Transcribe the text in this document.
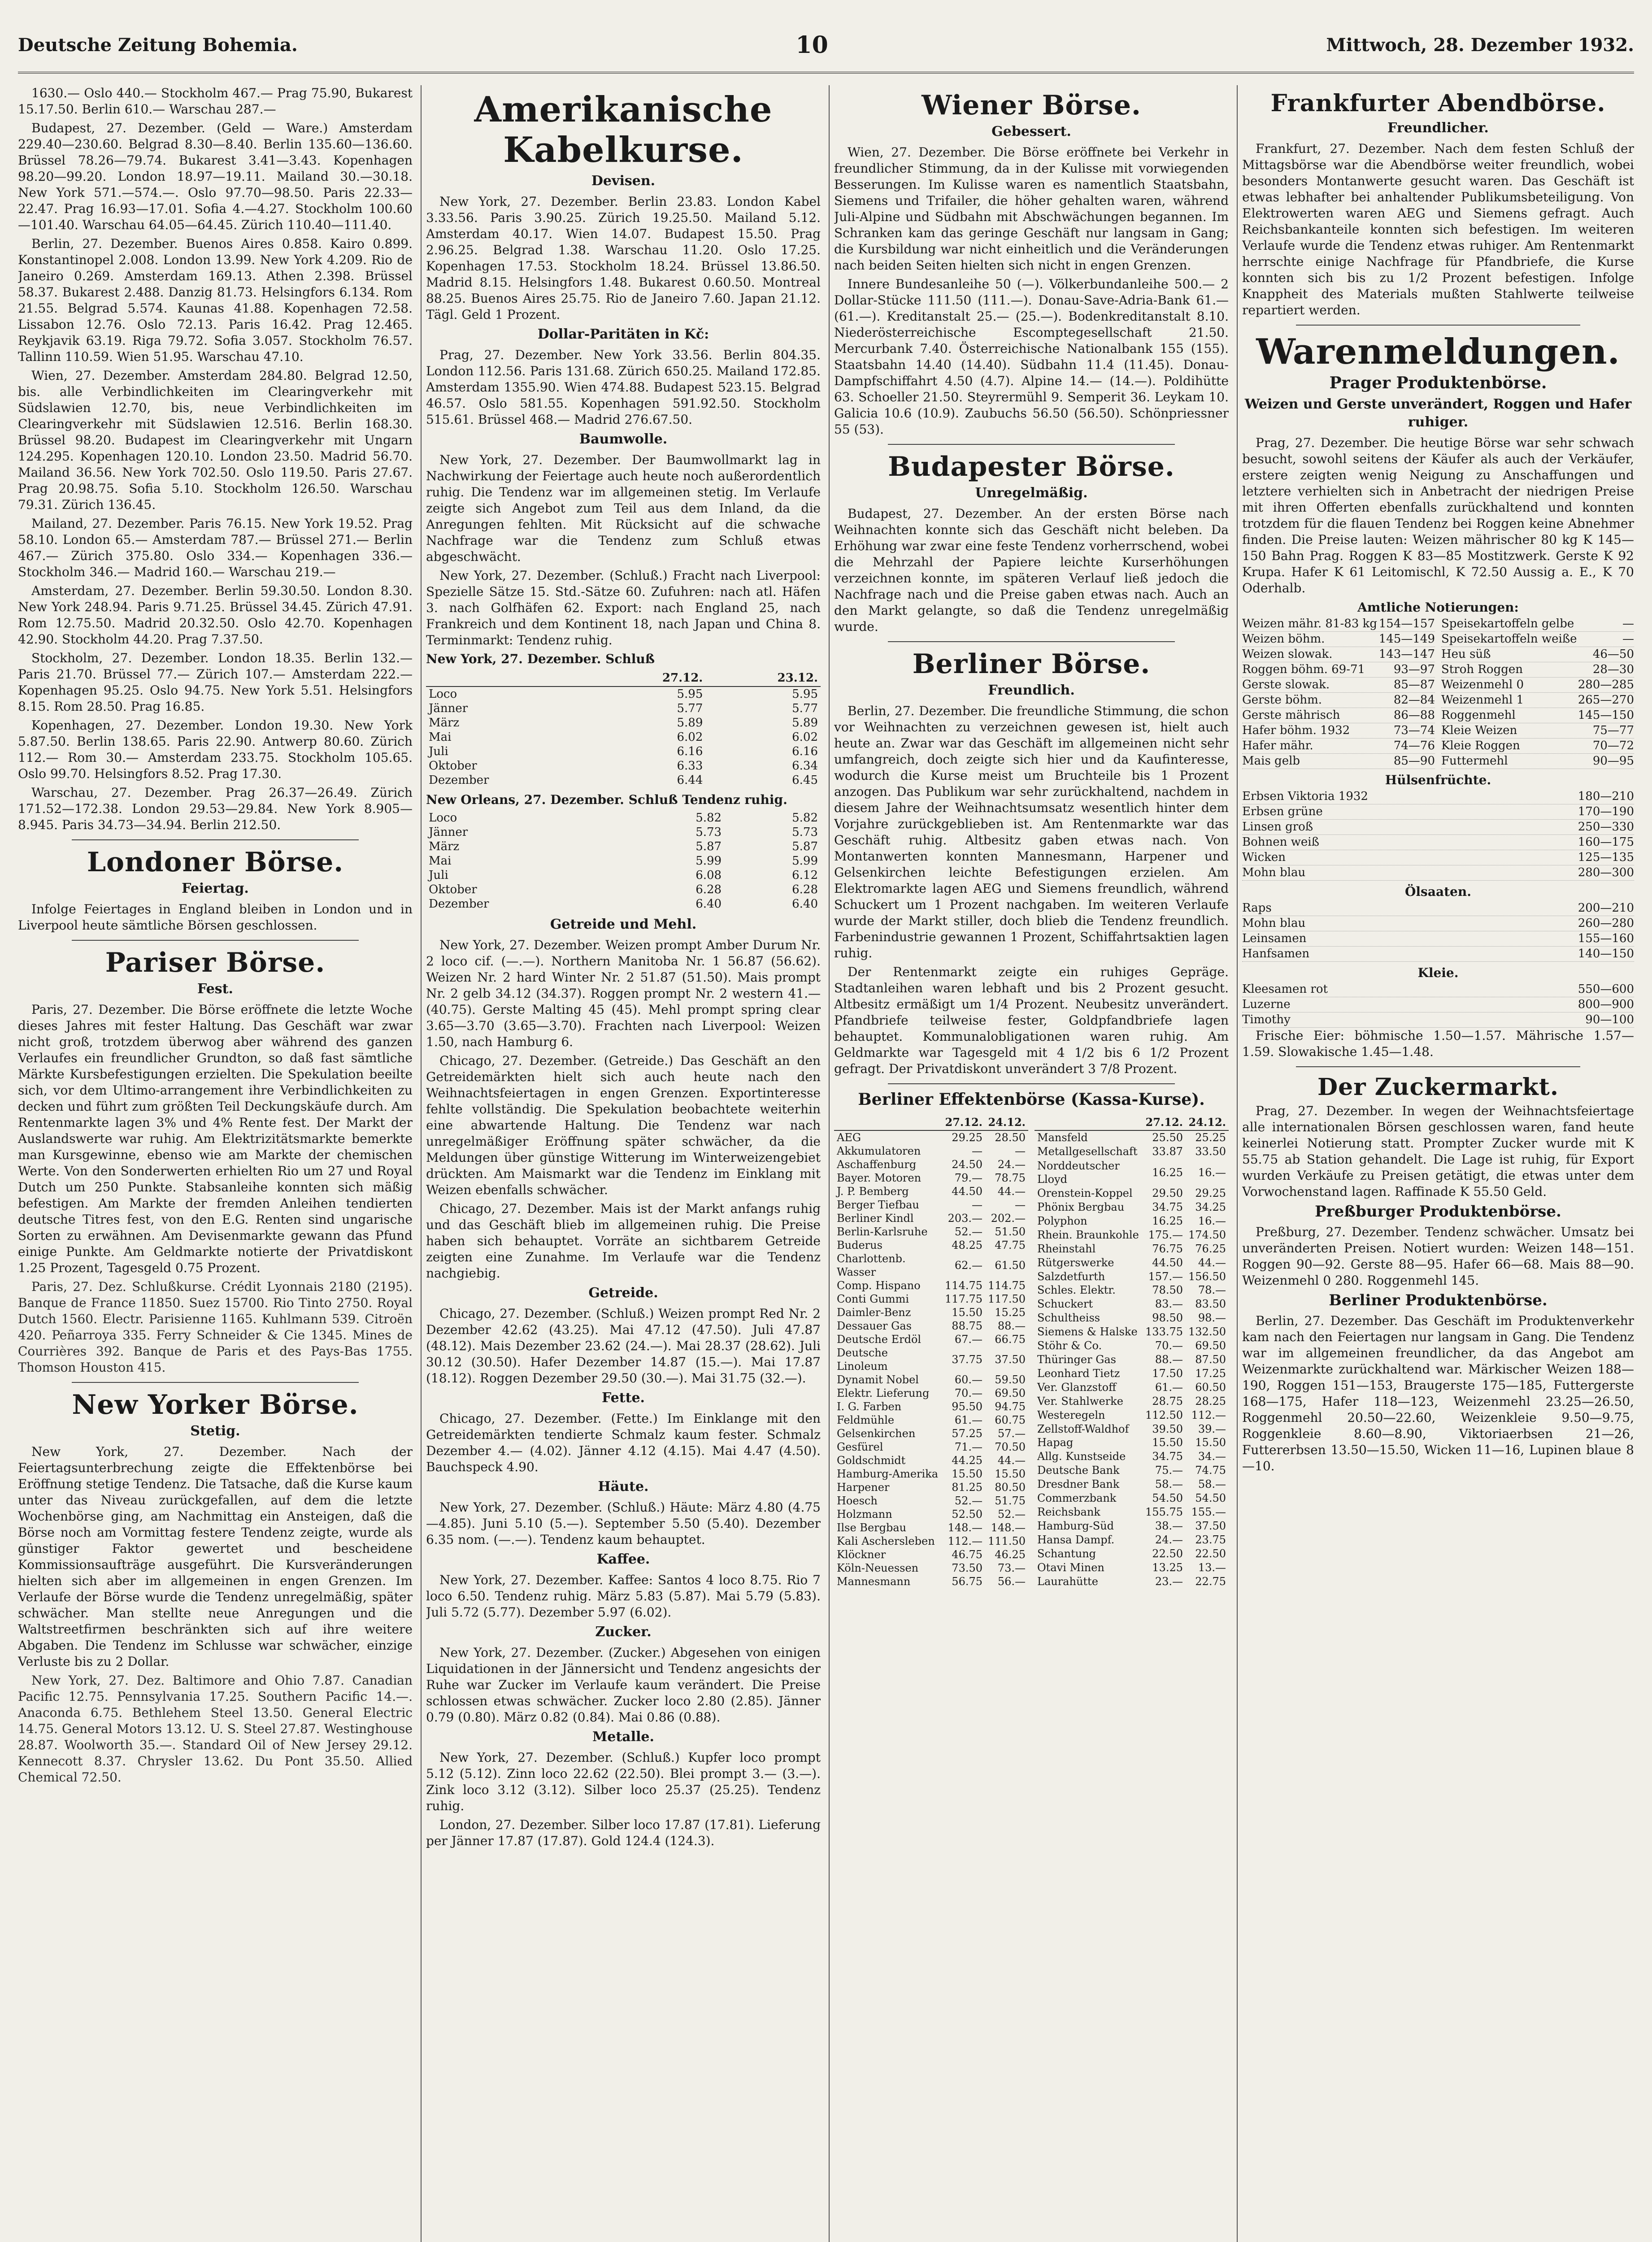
Deutsche Zeitung Bohemia.	10	Mittwoch, 28. Dezember 1932.

1630.— Oslo 440.— Stockholm 467.— Prag 75.90, Bukarest 15.17.50. Berlin 610.— Warschau 287.—

Budapest, 27. Dezember. (Geld — Ware.) Amsterdam 229.40—230.60. Belgrad 8.30—8.40. Berlin 135.60—136.60. Brüssel 78.26—79.74. Bukarest 3.41—3.43. Kopenhagen 98.20—99.20. London 18.97—19.11. Mailand 30.—30.18. New York 571.—574.—. Oslo 97.70—98.50. Paris 22.33—22.47. Prag 16.93—17.01. Sofia 4.—4.27. Stockholm 100.60—101.40. Warschau 64.05—64.45. Zürich 110.40—111.40.

Berlin, 27. Dezember. Buenos Aires 0.858. Kairo 0.899. Konstantinopel 2.008. London 13.99. New York 4.209. Rio de Janeiro 0.269. Amsterdam 169.13. Athen 2.398. Brüssel 58.37. Bukarest 2.488. Danzig 81.73. Helsingfors 6.134. Rom 21.55. Belgrad 5.574. Kaunas 41.88. Kopenhagen 72.58. Lissabon 12.76. Oslo 72.13. Paris 16.42. Prag 12.465. Reykjavik 63.19. Riga 79.72. Sofia 3.057. Stockholm 76.57. Tallinn 110.59. Wien 51.95. Warschau 47.10.

Wien, 27. Dezember. Amsterdam 284.80. Belgrad 12.50, bis. alle Verbindlichkeiten im Clearingverkehr mit Südslawien 12.70, bis, neue Verbindlichkeiten im Clearingverkehr mit Südslawien 12.516. Berlin 168.30. Brüssel 98.20. Budapest im Clearingverkehr mit Ungarn 124.295. Kopenhagen 120.10. London 23.50. Madrid 56.70. Mailand 36.56. New York 702.50. Oslo 119.50. Paris 27.67. Prag 20.98.75. Sofia 5.10. Stockholm 126.50. Warschau 79.31. Zürich 136.45.

Mailand, 27. Dezember. Paris 76.15. New York 19.52. Prag 58.10. London 65.— Amsterdam 787.— Brüssel 271.— Berlin 467.— Zürich 375.80. Oslo 334.— Kopenhagen 336.— Stockholm 346.— Madrid 160.— Warschau 219.—

Amsterdam, 27. Dezember. Berlin 59.30.50. London 8.30. New York 248.94. Paris 9.71.25. Brüssel 34.45. Zürich 47.91. Rom 12.75.50. Madrid 20.32.50. Oslo 42.70. Kopenhagen 42.90. Stockholm 44.20. Prag 7.37.50.

Stockholm, 27. Dezember. London 18.35. Berlin 132.— Paris 21.70. Brüssel 77.— Zürich 107.— Amsterdam 222.— Kopenhagen 95.25. Oslo 94.75. New York 5.51. Helsingfors 8.15. Rom 28.50. Prag 16.85.

Kopenhagen, 27. Dezember. London 19.30. New York 5.87.50. Berlin 138.65. Paris 22.90. Antwerp 80.60. Zürich 112.— Rom 30.— Amsterdam 233.75. Stockholm 105.65. Oslo 99.70. Helsingfors 8.52. Prag 17.30.

Warschau, 27. Dezember. Prag 26.37—26.49. Zürich 171.52—172.38. London 29.53—29.84. New York 8.905—8.945. Paris 34.73—34.94. Berlin 212.50.

Londoner Börse.
Feiertag.

Infolge Feiertages in England bleiben in London und in Liverpool heute sämtliche Börsen geschlossen.

Pariser Börse.
Fest.

Paris, 27. Dezember. Die Börse eröffnete die letzte Woche dieses Jahres mit fester Haltung. Das Geschäft war zwar nicht groß, trotzdem überwog aber während des ganzen Verlaufes ein freundlicher Grundton, so daß fast sämtliche Märkte Kursbefestigungen erzielten. Die Spekulation beeilte sich, vor dem Ultimo-arrangement ihre Verbindlichkeiten zu decken und führt zum größten Teil Deckungskäufe durch. Am Rentenmarkte lagen 3% und 4% Rente fest. Der Markt der Auslandswerte war ruhig. Am Elektrizitätsmarkte bemerkte man Kursgewinne, ebenso wie am Markte der chemischen Werte. Von den Sonderwerten erhielten Rio um 27 und Royal Dutch um 250 Punkte. Stabsanleihe konnten sich mäßig befestigen. Am Markte der fremden Anleihen tendierten deutsche Titres fest, von den E.G. Renten sind ungarische Sorten zu erwähnen. Am Devisenmarkte gewann das Pfund einige Punkte. Am Geldmarkte notierte der Privatdiskont 1.25 Prozent, Tagesgeld 0.75 Prozent.

Paris, 27. Dez. Schlußkurse. Crédit Lyonnais 2180 (2195). Banque de France 11850. Suez 15700. Rio Tinto 2750. Royal Dutch 1560. Electr. Parisienne 1165. Kuhlmann 539. Citroën 420. Peñarroya 335. Ferry Schneider & Cie 1345. Mines de Courrières 392. Banque de Paris et des Pays-Bas 1755. Thomson Houston 415.

New Yorker Börse.
Stetig.

New York, 27. Dezember. Nach der Feiertagsunterbrechung zeigte die Effektenbörse bei Eröffnung stetige Tendenz. Die Tatsache, daß die Kurse kaum unter das Niveau zurückgefallen, auf dem die letzte Wochenbörse ging, am Nachmittag ein Ansteigen, daß die Börse noch am Vormittag festere Tendenz zeigte, wurde als günstiger Faktor gewertet und bescheidene Kommissionsaufträge ausgeführt. Die Kursveränderungen hielten sich aber im allgemeinen in engen Grenzen. Im Verlaufe der Börse wurde die Tendenz unregelmäßig, später schwächer. Man stellte neue Anregungen und die Waltstreetfirmen beschränkten sich auf ihre weitere Abgaben. Die Tendenz im Schlusse war schwächer, einzige Verluste bis zu 2 Dollar.

New York, 27. Dez. Baltimore and Ohio 7.87. Canadian Pacific 12.75. Pennsylvania 17.25. Southern Pacific 14.—. Anaconda 6.75. Bethlehem Steel 13.50. General Electric 14.75. General Motors 13.12. U. S. Steel 27.87. Westinghouse 28.87. Woolworth 35.—. Standard Oil of New Jersey 29.12. Kennecott 8.37. Chrysler 13.62. Du Pont 35.50. Allied Chemical 72.50.

Amerikanische Kabelkurse.
Devisen.

New York, 27. Dezember. Berlin 23.83. London Kabel 3.33.56. Paris 3.90.25. Zürich 19.25.50. Mailand 5.12. Amsterdam 40.17. Wien 14.07. Budapest 15.50. Prag 2.96.25. Belgrad 1.38. Warschau 11.20. Oslo 17.25. Kopenhagen 17.53. Stockholm 18.24. Brüssel 13.86.50. Madrid 8.15. Helsingfors 1.48. Bukarest 0.60.50. Montreal 88.25. Buenos Aires 25.75. Rio de Janeiro 7.60. Japan 21.12. Tägl. Geld 1 Prozent.

Dollar-Paritäten in Kč:

Prag, 27. Dezember. New York 33.56. Berlin 804.35. London 112.56. Paris 131.68. Zürich 650.25. Mailand 172.85. Amsterdam 1355.90. Wien 474.88. Budapest 523.15. Belgrad 46.57. Oslo 581.55. Kopenhagen 591.92.50. Stockholm 515.61. Brüssel 468.— Madrid 276.67.50.

Baumwolle.

New York, 27. Dezember. Der Baumwollmarkt lag in Nachwirkung der Feiertage auch heute noch außerordentlich ruhig. Die Tendenz war im allgemeinen stetig. Im Verlaufe zeigte sich Angebot zum Teil aus dem Inland, da die Anregungen fehlten. Mit Rücksicht auf die schwache Nachfrage war die Tendenz zum Schluß etwas abgeschwächt.

New York, 27. Dezember. (Schluß.) Fracht nach Liverpool: Spezielle Sätze 15. Std.-Sätze 60. Zufuhren: nach atl. Häfen 3. nach Golfhäfen 62. Export: nach England 25, nach Frankreich und dem Kontinent 18, nach Japan und China 8. Terminmarkt: Tendenz ruhig.

New York, 27. Dezember. Schluß

	27.12.	23.12.
Loco	5.95	5.95
Jänner	5.77	5.77
März	5.89	5.89
Mai	6.02	6.02
Juli	6.16	6.16
Oktober	6.33	6.34
Dezember	6.44	6.45

New Orleans, 27. Dezember. Schluß Tendenz ruhig.

Loco	5.82	5.82
Jänner	5.73	5.73
März	5.87	5.87
Mai	5.99	5.99
Juli	6.08	6.12
Oktober	6.28	6.28
Dezember	6.40	6.40
Getreide und Mehl.

New York, 27. Dezember. Weizen prompt Amber Durum Nr. 2 loco cif. (—.—). Northern Manitoba Nr. 1 56.87 (56.62). Weizen Nr. 2 hard Winter Nr. 2 51.87 (51.50). Mais prompt Nr. 2 gelb 34.12 (34.37). Roggen prompt Nr. 2 western 41.— (40.75). Gerste Malting 45 (45). Mehl prompt spring clear 3.65—3.70 (3.65—3.70). Frachten nach Liverpool: Weizen 1.50, nach Hamburg 6.

Chicago, 27. Dezember. (Getreide.) Das Geschäft an den Getreidemärkten hielt sich auch heute nach den Weihnachtsfeiertagen in engen Grenzen. Exportinteresse fehlte vollständig. Die Spekulation beobachtete weiterhin eine abwartende Haltung. Die Tendenz war nach unregelmäßiger Eröffnung später schwächer, da die Meldungen über günstige Witterung im Winterweizengebiet drückten. Am Maismarkt war die Tendenz im Einklang mit Weizen ebenfalls schwächer.

Chicago, 27. Dezember. Mais ist der Markt anfangs ruhig und das Geschäft blieb im allgemeinen ruhig. Die Preise haben sich behauptet. Vorräte an sichtbarem Getreide zeigten eine Zunahme. Im Verlaufe war die Tendenz nachgiebig.

Getreide.

Chicago, 27. Dezember. (Schluß.) Weizen prompt Red Nr. 2 Dezember 42.62 (43.25). Mai 47.12 (47.50). Juli 47.87 (48.12). Mais Dezember 23.62 (24.—). Mai 28.37 (28.62). Juli 30.12 (30.50). Hafer Dezember 14.87 (15.—). Mai 17.87 (18.12). Roggen Dezember 29.50 (30.—). Mai 31.75 (32.—).

Fette.

Chicago, 27. Dezember. (Fette.) Im Einklange mit den Getreidemärkten tendierte Schmalz kaum fester. Schmalz Dezember 4.— (4.02). Jänner 4.12 (4.15). Mai 4.47 (4.50). Bauchspeck 4.90.

Häute.

New York, 27. Dezember. (Schluß.) Häute: März 4.80 (4.75—4.85). Juni 5.10 (5.—). September 5.50 (5.40). Dezember 6.35 nom. (—.—). Tendenz kaum behauptet.

Kaffee.

New York, 27. Dezember. Kaffee: Santos 4 loco 8.75. Rio 7 loco 6.50. Tendenz ruhig. März 5.83 (5.87). Mai 5.79 (5.83). Juli 5.72 (5.77). Dezember 5.97 (6.02).

Zucker.

New York, 27. Dezember. (Zucker.) Abgesehen von einigen Liquidationen in der Jännersicht und Tendenz angesichts der Ruhe war Zucker im Verlaufe kaum verändert. Die Preise schlossen etwas schwächer. Zucker loco 2.80 (2.85). Jänner 0.79 (0.80). März 0.82 (0.84). Mai 0.86 (0.88).

Metalle.

New York, 27. Dezember. (Schluß.) Kupfer loco prompt 5.12 (5.12). Zinn loco 22.62 (22.50). Blei prompt 3.— (3.—). Zink loco 3.12 (3.12). Silber loco 25.37 (25.25). Tendenz ruhig.

London, 27. Dezember. Silber loco 17.87 (17.81). Lieferung per Jänner 17.87 (17.87). Gold 124.4 (124.3).

Wiener Börse.
Gebessert.

Wien, 27. Dezember. Die Börse eröffnete bei Verkehr in freundlicher Stimmung, da in der Kulisse mit vorwiegenden Besserungen. Im Kulisse waren es namentlich Staatsbahn, Siemens und Trifailer, die höher gehalten waren, während Juli-Alpine und Südbahn mit Abschwächungen begannen. Im Schranken kam das geringe Geschäft nur langsam in Gang; die Kursbildung war nicht einheitlich und die Veränderungen nach beiden Seiten hielten sich nicht in engen Grenzen.

Innere Bundesanleihe 50 (—). Völkerbundanleihe 500.— 2 Dollar-Stücke 111.50 (111.—). Donau-Save-Adria-Bank 61.— (61.—). Kreditanstalt 25.— (25.—). Bodenkreditanstalt 8.10. Niederösterreichische Escomptegesellschaft 21.50. Mercurbank 7.40. Österreichische Nationalbank 155 (155). Staatsbahn 14.40 (14.40). Südbahn 11.4 (11.45). Donau-Dampfschiffahrt 4.50 (4.7). Alpine 14.— (14.—). Poldihütte 63. Schoeller 21.50. Steyrermühl 9. Semperit 36. Leykam 10. Galicia 10.6 (10.9). Zaubuchs 56.50 (56.50). Schönpriessner 55 (53).

Budapester Börse.
Unregelmäßig.

Budapest, 27. Dezember. An der ersten Börse nach Weihnachten konnte sich das Geschäft nicht beleben. Da Erhöhung war zwar eine feste Tendenz vorherrschend, wobei die Mehrzahl der Papiere leichte Kurserhöhungen verzeichnen konnte, im späteren Verlauf ließ jedoch die Nachfrage nach und die Preise gaben etwas nach. Auch an den Markt gelangte, so daß die Tendenz unregelmäßig wurde.

Berliner Börse.
Freundlich.

Berlin, 27. Dezember. Die freundliche Stimmung, die schon vor Weihnachten zu verzeichnen gewesen ist, hielt auch heute an. Zwar war das Geschäft im allgemeinen nicht sehr umfangreich, doch zeigte sich hier und da Kaufinteresse, wodurch die Kurse meist um Bruchteile bis 1 Prozent anzogen. Das Publikum war sehr zurückhaltend, nachdem in diesem Jahre der Weihnachtsumsatz wesentlich hinter dem Vorjahre zurückgeblieben ist. Am Rentenmarkte war das Geschäft ruhig. Altbesitz gaben etwas nach. Von Montanwerten konnten Mannesmann, Harpener und Gelsenkirchen leichte Befestigungen erzielen. Am Elektromarkte lagen AEG und Siemens freundlich, während Schuckert um 1 Prozent nachgaben. Im weiteren Verlaufe wurde der Markt stiller, doch blieb die Tendenz freundlich. Farbenindustrie gewannen 1 Prozent, Schiffahrtsaktien lagen ruhig.

Der Rentenmarkt zeigte ein ruhiges Gepräge. Stadtanleihen waren lebhaft und bis 2 Prozent gesucht. Altbesitz ermäßigt um 1/4 Prozent. Neubesitz unverändert. Pfandbriefe teilweise fester, Goldpfandbriefe lagen behauptet. Kommunalobligationen waren ruhig. Am Geldmarkte war Tagesgeld mit 4 1/2 bis 6 1/2 Prozent gefragt. Der Privatdiskont unverändert 3 7/8 Prozent.

Berliner Effektenbörse (Kassa-Kurse).
	27.12.	24.12.
AEG	29.25	28.50
Akkumulatoren	—	—
Aschaffenburg	24.50	24.—
Bayer. Motoren	79.—	78.75
J. P. Bemberg	44.50	44.—
Berger Tiefbau	—	—
Berliner Kindl	203.—	202.—
Berlin-Karlsruhe	52.—	51.50
Buderus	48.25	47.75
Charlottenb. Wasser	62.—	61.50
Comp. Hispano	114.75	114.75
Conti Gummi	117.75	117.50
Daimler-Benz	15.50	15.25
Dessauer Gas	88.75	88.—
Deutsche Erdöl	67.—	66.75
Deutsche Linoleum	37.75	37.50
Dynamit Nobel	60.—	59.50
Elektr. Lieferung	70.—	69.50
I. G. Farben	95.50	94.75
Feldmühle	61.—	60.75
Gelsenkirchen	57.25	57.—
Gesfürel	71.—	70.50
Goldschmidt	44.25	44.—
Hamburg-Amerika	15.50	15.50
Harpener	81.25	80.50
Hoesch	52.—	51.75
Holzmann	52.50	52.—
Ilse Bergbau	148.—	148.—
Kali Aschersleben	112.—	111.50
Klöckner	46.75	46.25
Köln-Neuessen	73.50	73.—
Mannesmann	56.75	56.—
	27.12.	24.12.
Mansfeld	25.50	25.25
Metallgesellschaft	33.87	33.50
Norddeutscher Lloyd	16.25	16.—
Orenstein-Koppel	29.50	29.25
Phönix Bergbau	34.75	34.25
Polyphon	16.25	16.—
Rhein. Braunkohle	175.—	174.50
Rheinstahl	76.75	76.25
Rütgerswerke	44.50	44.—
Salzdetfurth	157.—	156.50
Schles. Elektr.	78.50	78.—
Schuckert	83.—	83.50
Schultheiss	98.50	98.—
Siemens & Halske	133.75	132.50
Stöhr & Co.	70.—	69.50
Thüringer Gas	88.—	87.50
Leonhard Tietz	17.50	17.25
Ver. Glanzstoff	61.—	60.50
Ver. Stahlwerke	28.75	28.25
Westeregeln	112.50	112.—
Zellstoff-Waldhof	39.50	39.—
Hapag	15.50	15.50
Allg. Kunstseide	34.75	34.—
Deutsche Bank	75.—	74.75
Dresdner Bank	58.—	58.—
Commerzbank	54.50	54.50
Reichsbank	155.75	155.—
Hamburg-Süd	38.—	37.50
Hansa Dampf.	24.—	23.75
Schantung	22.50	22.50
Otavi Minen	13.25	13.—
Laurahütte	23.—	22.75
Frankfurter Abendbörse.
Freundlicher.

Frankfurt, 27. Dezember. Nach dem festen Schluß der Mittagsbörse war die Abendbörse weiter freundlich, wobei besonders Montanwerte gesucht waren. Das Geschäft ist etwas lebhafter bei anhaltender Publikumsbeteiligung. Von Elektrowerten waren AEG und Siemens gefragt. Auch Reichsbankanteile konnten sich befestigen. Im weiteren Verlaufe wurde die Tendenz etwas ruhiger. Am Rentenmarkt herrschte einige Nachfrage für Pfandbriefe, die Kurse konnten sich bis zu 1/2 Prozent befestigen. Infolge Knappheit des Materials mußten Stahlwerte teilweise repartiert werden.

Warenmeldungen.
Prager Produktenbörse.
Weizen und Gerste unverändert, Roggen und Hafer ruhiger.

Prag, 27. Dezember. Die heutige Börse war sehr schwach besucht, sowohl seitens der Käufer als auch der Verkäufer, erstere zeigten wenig Neigung zu Anschaffungen und letztere verhielten sich in Anbetracht der niedrigen Preise mit ihren Offerten ebenfalls zurückhaltend und konnten trotzdem für die flauen Tendenz bei Roggen keine Abnehmer finden. Die Preise lauten: Weizen mährischer 80 kg K 145—150 Bahn Prag. Roggen K 83—85 Mostitzwerk. Gerste K 92 Krupa. Hafer K 61 Leitomischl, K 72.50 Aussig a. E., K 70 Oderhalb.

Amtliche Notierungen:
Weizen mähr. 81-83 kg 154—157
Weizen böhm.	145—149
Weizen slowak.	143—147
Roggen böhm. 69-71 93—97
Gerste slowak.	85—87
Gerste böhm.	82—84
Gerste mährisch	86—88
Hafer böhm. 1932	73—74
Hafer mähr.	74—76
Mais gelb	85—90
Speisekartoffeln gelbe	—
Speisekartoffeln weiße	—
Heu süß	46—50
Stroh Roggen	28—30
Weizenmehl 0	280—285
Weizenmehl 1	265—270
Roggenmehl	145—150
Kleie Weizen	75—77
Kleie Roggen	70—72
Futtermehl	90—95
Hülsenfrüchte.
Erbsen Viktoria 1932	180—210
Erbsen grüne	170—190
Linsen groß	250—330
Bohnen weiß	160—175
Wicken	125—135
Mohn blau	280—300
Ölsaaten.
Raps	200—210
Mohn blau	260—280
Leinsamen	155—160
Hanfsamen	140—150
Kleie.
Kleesamen rot	550—600
Luzerne	800—900
Timothy	90—100

Frische Eier: böhmische 1.50—1.57. Mährische 1.57—1.59. Slowakische 1.45—1.48.

Der Zuckermarkt.

Prag, 27. Dezember. In wegen der Weihnachtsfeiertage alle internationalen Börsen geschlossen waren, fand heute keinerlei Notierung statt. Prompter Zucker wurde mit K 55.75 ab Station gehandelt. Die Lage ist ruhig, für Export wurden Verkäufe zu Preisen getätigt, die etwas unter dem Vorwochenstand lagen. Raffinade K 55.50 Geld.

Preßburger Produktenbörse.

Preßburg, 27. Dezember. Tendenz schwächer. Umsatz bei unveränderten Preisen. Notiert wurden: Weizen 148—151. Roggen 90—92. Gerste 88—95. Hafer 66—68. Mais 88—90. Weizenmehl 0 280. Roggenmehl 145.

Berliner Produktenbörse.

Berlin, 27. Dezember. Das Geschäft im Produktenverkehr kam nach den Feiertagen nur langsam in Gang. Die Tendenz war im allgemeinen freundlicher, da das Angebot am Weizenmarkte zurückhaltend war. Märkischer Weizen 188—190, Roggen 151—153, Braugerste 175—185, Futtergerste 168—175, Hafer 118—123, Weizenmehl 23.25—26.50, Roggenmehl 20.50—22.60, Weizenkleie 9.50—9.75, Roggenkleie 8.60—8.90, Viktoriaerbsen 21—26, Futtererbsen 13.50—15.50, Wicken 11—16, Lupinen blaue 8—10.
